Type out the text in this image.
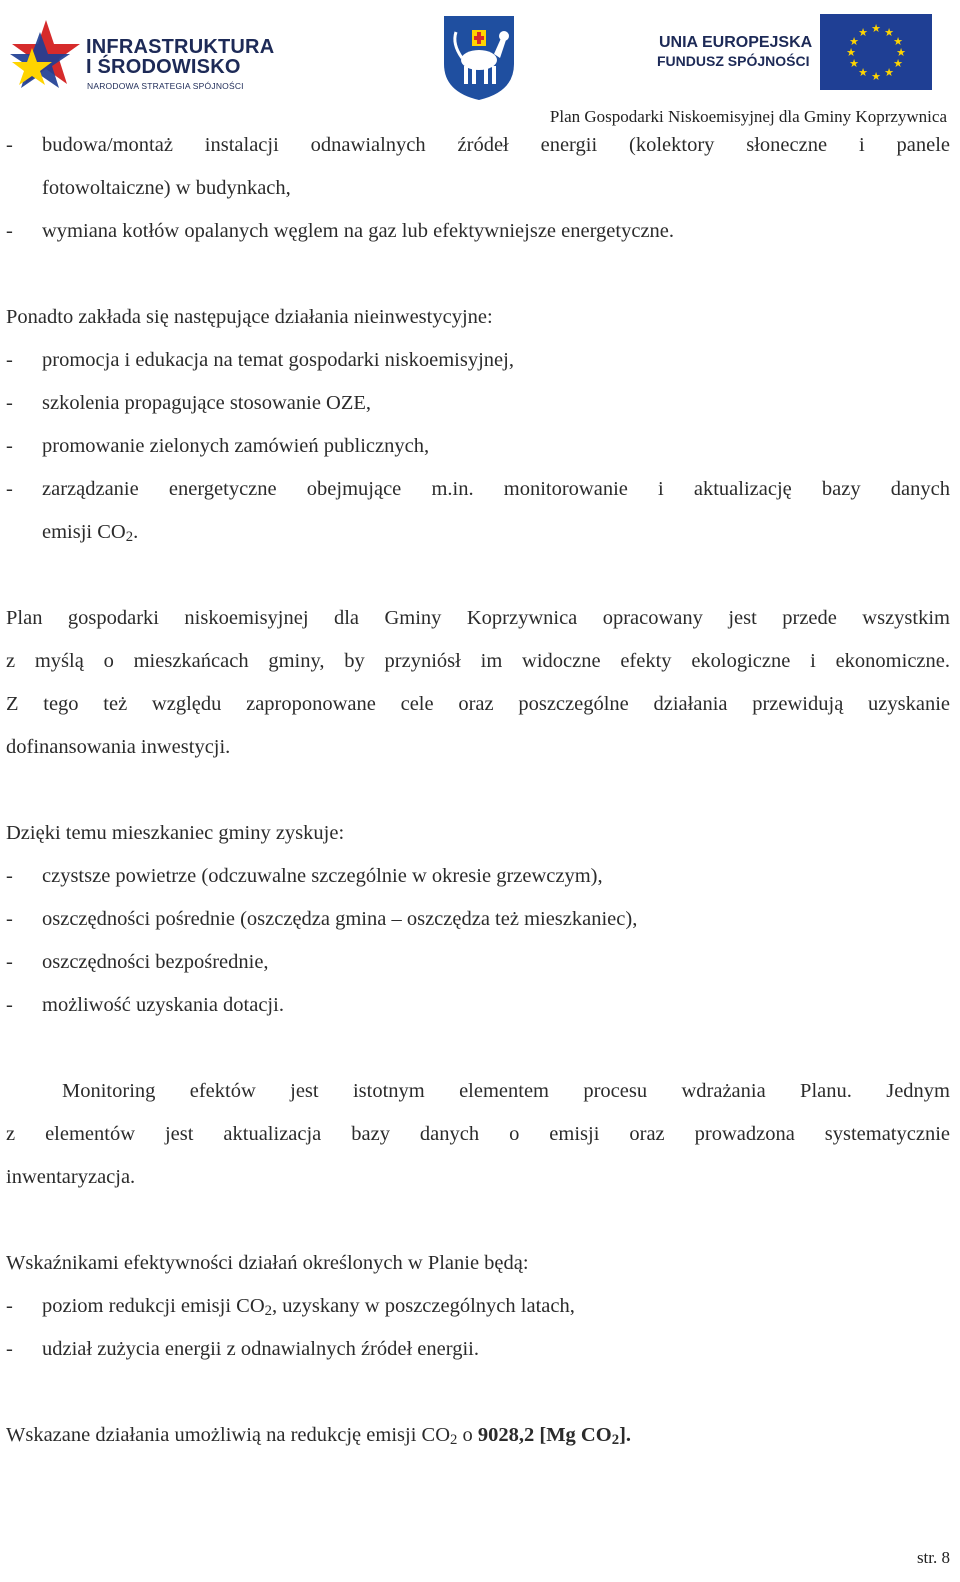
INFRASTRUKTURA
I ŚRODOWISKO
NARODOWA STRATEGIA SPÓJNOŚCI
UNIA EUROPEJSKA
FUNDUSZ SPÓJNOŚCI
★ ★
★
★
★
★
★
★
★
★
★
★
Plan Gospodarki Niskoemisyjnej dla Gminy Koprzywnica
-	budowa/montaż instalacji odnawialnych źródeł energii (kolektory słoneczne i panele
fotowoltaiczne) w budynkach,
-	wymiana kotłów opalanych węglem na gaz lub efektywniejsze energetyczne.

Ponadto zakłada się następujące działania nieinwestycyjne:

-	promocja i edukacja na temat gospodarki niskoemisyjnej,
-	szkolenia propagujące stosowanie OZE,
-	promowanie zielonych zamówień publicznych,
-	zarządzanie energetyczne obejmujące m.in. monitorowanie i aktualizację bazy danych
emisji $CO_2$.

Plan gospodarki niskoemisyjnej dla Gminy Koprzywnica opracowany jest przede wszystkim

z myślą o mieszkańcach gminy, by przyniósł im widoczne efekty ekologiczne i ekonomiczne.

Z tego też względu zaproponowane cele oraz poszczególne działania przewidują uzyskanie

dofinansowania inwestycji.

Dzięki temu mieszkaniec gminy zyskuje:

-	czystsze powietrze (odczuwalne szczególnie w okresie grzewczym),
-	oszczędności pośrednie (oszczędza gmina – oszczędza też mieszkaniec),
-	oszczędności bezpośrednie,
-	możliwość uzyskania dotacji.

Monitoring efektów jest istotnym elementem procesu wdrażania Planu. Jednym

z elementów jest aktualizacja bazy danych o emisji oraz prowadzona systematycznie

inwentaryzacja.

Wskaźnikami efektywności działań określonych w Planie będą:

-	poziom redukcji emisji $CO_2$, uzyskany w poszczególnych latach,
-	udział zużycia energii z odnawialnych źródeł energii.

Wskazane działania umożliwią na redukcję emisji $CO_2$ o 9028,2 [Mg $CO_2$].

str. 8
